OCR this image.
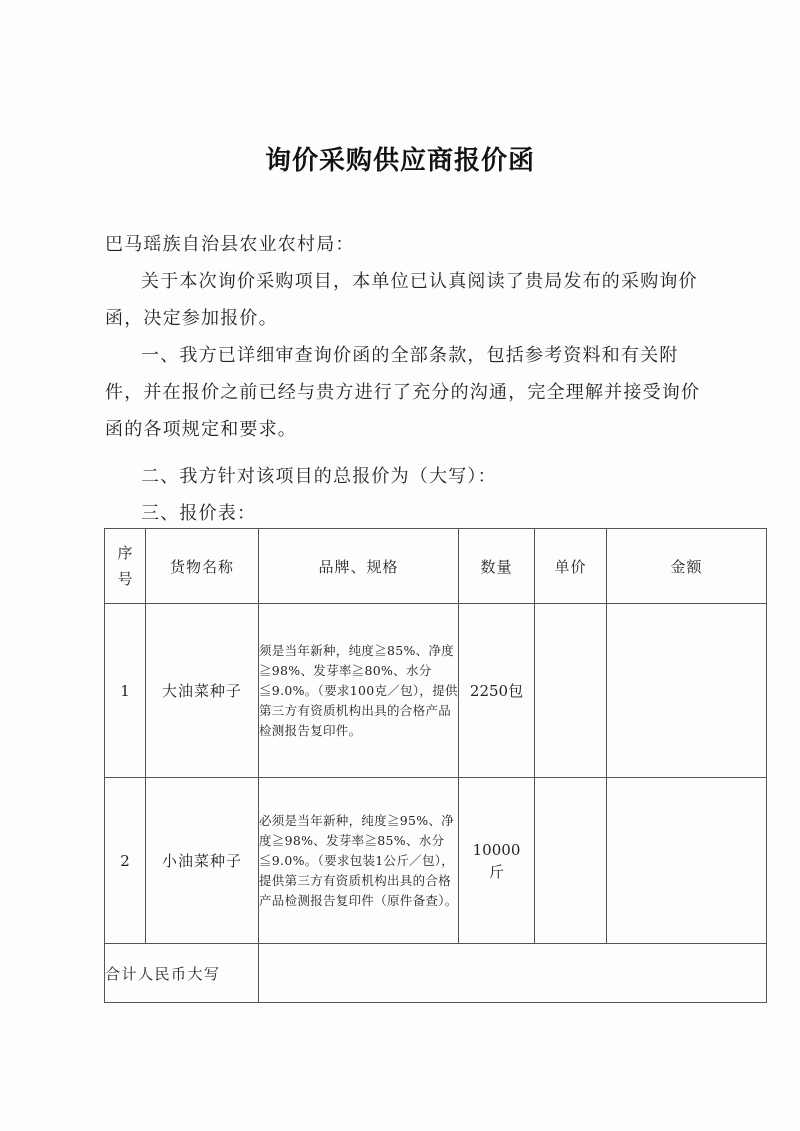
询价采购供应商报价函
巴马瑶族自治县农业农村局：
关于本次询价采购项目，本单位已认真阅读了贵局发布的采购询价函，决定参加报价。
一、我方已详细审查询价函的全部条款，包括参考资料和有关附件，并在报价之前已经与贵方进行了充分的沟通，完全理解并接受询价函的各项规定和要求。
二、我方针对该项目的总报价为（大写）：
三、报价表：
序号	货物名称	品牌、规格	数量	单价	金额
1	大油菜种子	须是当年新种，纯度≧85%、净度≧98%、发芽率≧80%、水分≦9.0%。（要求100克／包），提供第三方有资质机构出具的合格产品检测报告复印件。	2250包		
2	小油菜种子	必须是当年新种，纯度≧95%、净度≧98%、发芽率≧85%、水分≦9.0%。（要求包装1公斤／包），提供第三方有资质机构出具的合格产品检测报告复印件（原件备查）。	10000斤		
合计人民币大写					
